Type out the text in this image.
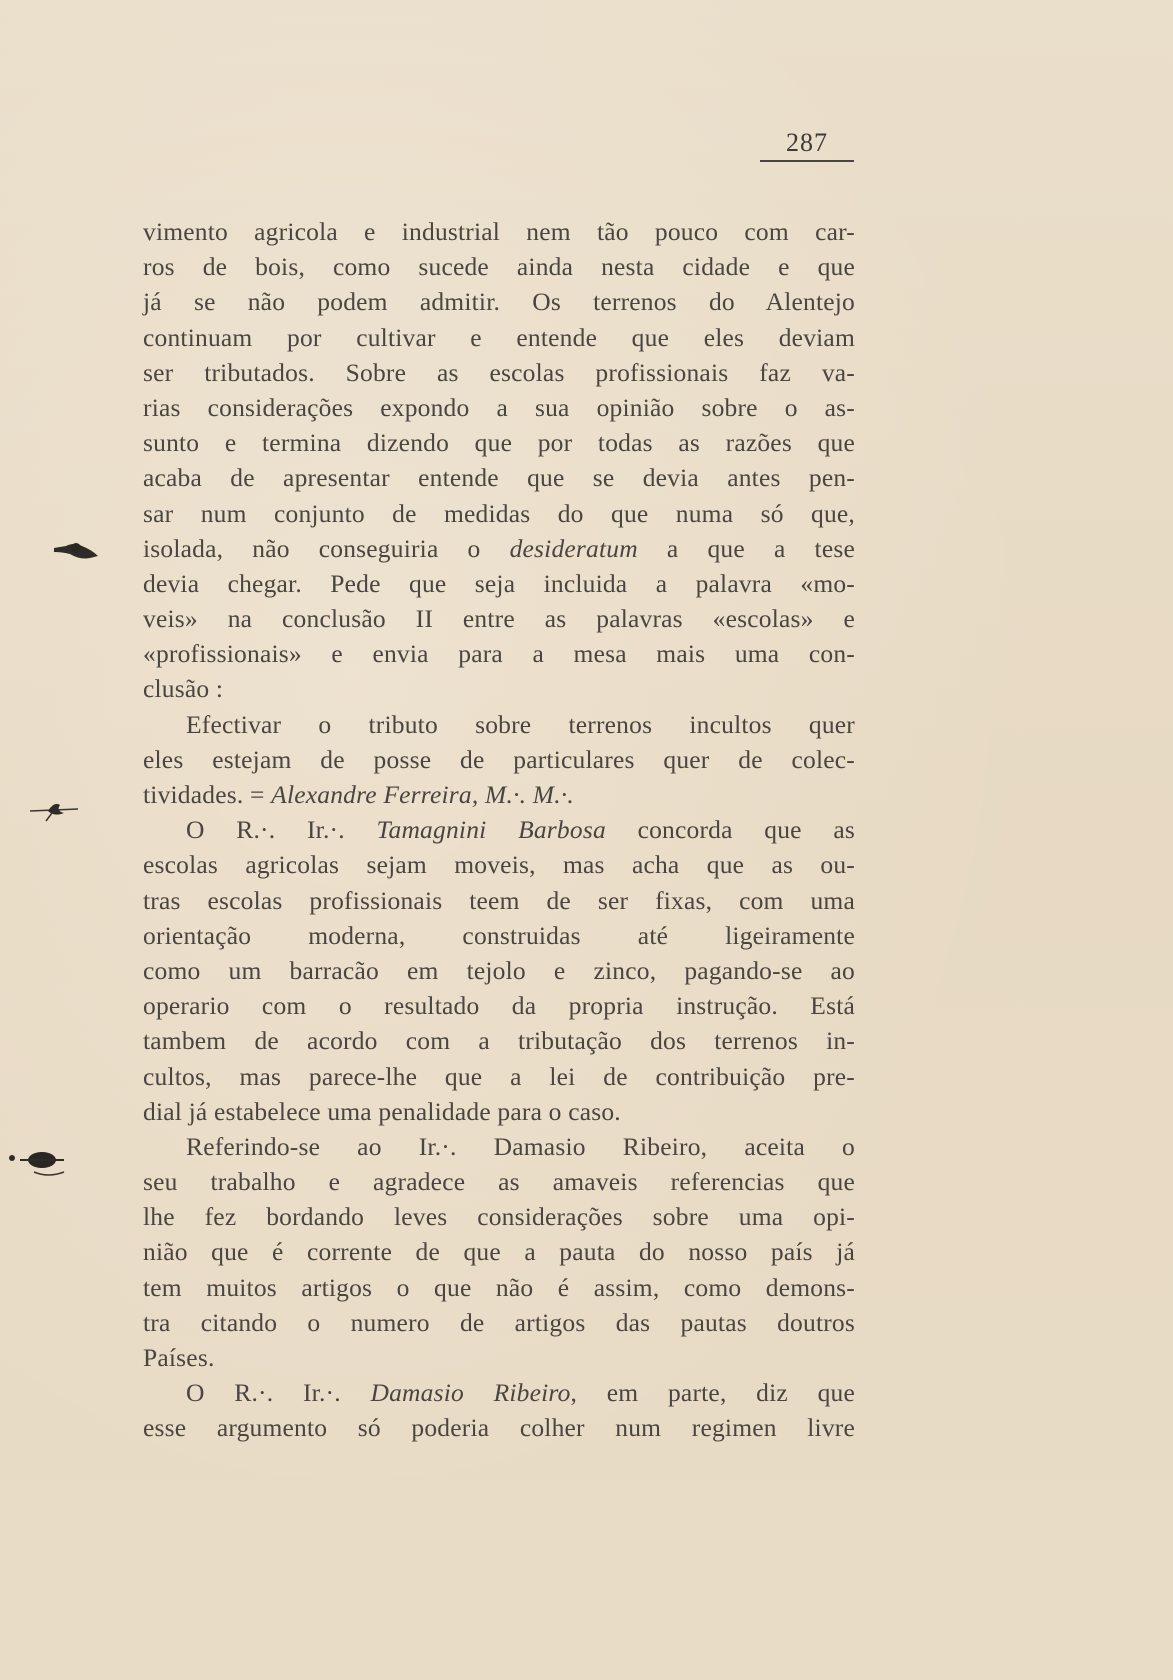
287
vimento agricola e industrial nem tão pouco com car-
ros de bois, como sucede ainda nesta cidade e que
já se não podem admitir. Os terrenos do Alentejo
continuam por cultivar e entende que eles deviam
ser tributados. Sobre as escolas profissionais faz va-
rias considerações expondo a sua opinião sobre o as-
sunto e termina dizendo que por todas as razões que
acaba de apresentar entende que se devia antes pen-
sar num conjunto de medidas do que numa só que,
isolada, não conseguiria o desideratum a que a tese
devia chegar. Pede que seja incluida a palavra «mo-
veis» na conclusão II entre as palavras «escolas» e
«profissionais» e envia para a mesa mais uma con-
clusão :
Efectivar o tributo sobre terrenos incultos quer
eles estejam de posse de particulares quer de colec-
tividades. = Alexandre Ferreira, M.·. M.·.
O R.·. Ir.·. Tamagnini Barbosa concorda que as
escolas agricolas sejam moveis, mas acha que as ou-
tras escolas profissionais teem de ser fixas, com uma
orientação moderna, construidas até ligeiramente
como um barracão em tejolo e zinco, pagando-se ao
operario com o resultado da propria instrução. Está
tambem de acordo com a tributação dos terrenos in-
cultos, mas parece-lhe que a lei de contribuição pre-
dial já estabelece uma penalidade para o caso.
Referindo-se ao Ir.·. Damasio Ribeiro, aceita o
seu trabalho e agradece as amaveis referencias que
lhe fez bordando leves considerações sobre uma opi-
nião que é corrente de que a pauta do nosso país já
tem muitos artigos o que não é assim, como demons-
tra citando o numero de artigos das pautas doutros
Países.
O R.·. Ir.·. Damasio Ribeiro, em parte, diz que
esse argumento só poderia colher num regimen livre
